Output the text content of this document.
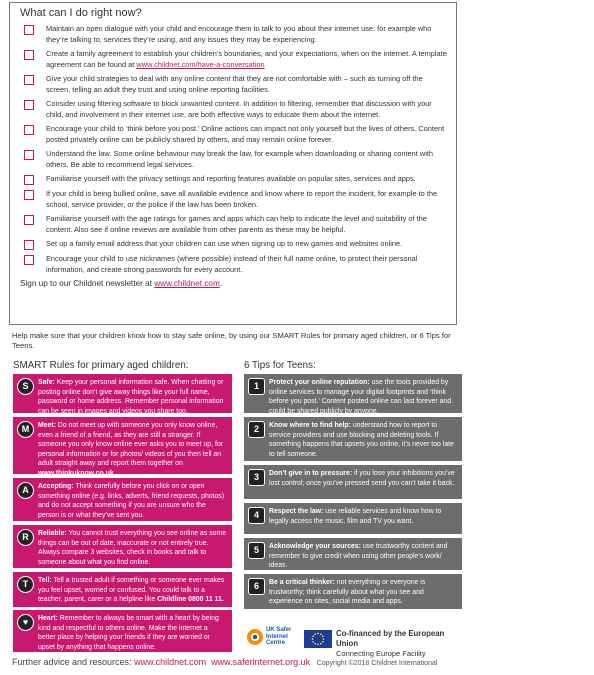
What can I do right now?
Maintain an open dialogue with your child and encourage them to talk to you about their internet use: for example who they’re talking to, services they’re using, and any issues they may be experiencing.
Create a family agreement to establish your children’s boundaries, and your expectations, when on the internet. A template agreement can be found at www.childnet.com/have-a-conversation
Give your child strategies to deal with any online content that they are not comfortable with – such as turning off the screen, telling an adult they trust and using online reporting facilities.
Consider using filtering software to block unwanted content. In addition to filtering, remember that discussion with your child, and involvement in their internet use, are both effective ways to educate them about the internet.
Encourage your child to ‘think before you post.’ Online actions can impact not only yourself but the lives of others. Content posted privately online can be publicly shared by others, and may remain online forever.
Understand the law. Some online behaviour may break the law, for example when downloading or sharing content with others. Be able to recommend legal services.
Familiarise yourself with the privacy settings and reporting features available on popular sites, services and apps.
If your child is being bullied online, save all available evidence and know where to report the incident, for example to the school, service provider, or the police if the law has been broken.
Familiarise yourself with the age ratings for games and apps which can help to indicate the level and suitability of the content. Also see if online reviews are available from other parents as these may be helpful.
Set up a family email address that your children can use when signing up to new games and websites online.
Encourage your child to use nicknames (where possible) instead of their full name online, to protect their personal information, and create strong passwords for every account.
Sign up to our Childnet newsletter at www.childnet.com.
Help make sure that your children know how to stay safe online, by using our SMART Rules for primary aged children, or 6 Tips for Teens.
SMART Rules for primary aged children:	6 Tips for Teens:
S	Safe: Keep your personal information safe. When chatting or posting online don’t give away things like your full name, password or home address. Remember personal information can be seen in images and videos you share too.
M	Meet: Do not meet up with someone you only know online, even a friend of a friend, as they are still a stranger. If someone you only know online ever asks you to meet up, for personal information or for photos/ videos of you then tell an adult straight away and report them together on www.thinkuknow.co.uk
A	Accepting: Think carefully before you click on or open something online (e.g. links, adverts, friend requests, photos) and do not accept something if you are unsure who the person is or what they’ve sent you.
R	Reliable: You cannot trust everything you see online as some things can be out of date, inaccurate or not entirely true. Always compare 3 websites, check in books and talk to someone about what you find online.
T	Tell: Tell a trusted adult if something or someone ever makes you feel upset, worried or confused. You could talk to a teacher, parent, carer or a helpline like Childline 0800 11 11.
♥	Heart: Remember to always be smart with a heart by being kind and respectful to others online. Make the internet a better place by helping your friends if they are worried or upset by anything that happens online.
1	Protect your online reputation: use the tools provided by online services to manage your digital footprints and ‘think before you post.’ Content posted online can last forever and could be shared publicly by anyone.
2	Know where to find help: understand how to report to service providers and use blocking and deleting tools. If something happens that upsets you online, it’s never too late to tell someone.
3	Don’t give in to pressure: if you lose your inhibitions you’ve lost control; once you’ve pressed send you can’t take it back.
4	Respect the law: use reliable services and know how to legally access the music, film and TV you want.
5	Acknowledge your sources: use trustworthy content and remember to give credit when using other people’s work/ ideas.
6	Be a critical thinker: not everything or everyone is trustworthy; think carefully about what you see and experience on sites, social media and apps.
UK Safer Internet Centre
Co-financed by the European Union
Connecting Europe Facility
Further advice and resources: www.childnet.com www.saferinternet.org.uk Copyright ©2018 Childnet International
